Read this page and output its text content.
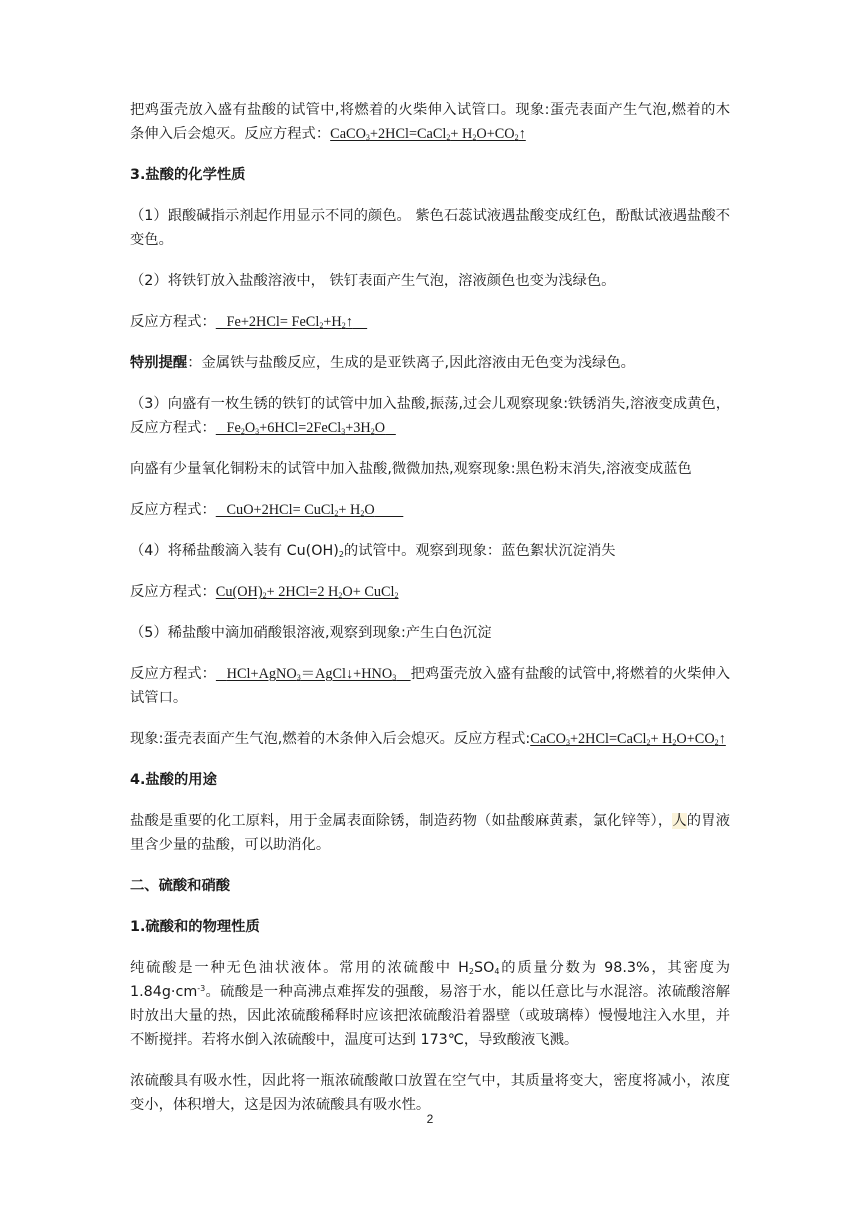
把鸡蛋壳放入盛有盐酸的试管中,将燃着的火柴伸入试管口。现象:蛋壳表面产生气泡,燃着的木条伸入后会熄灭。反应方程式：CaCO$_3$+2HCl=CaCl$_2$+ $H_2O+CO_2↑$

3.盐酸的化学性质

（1）跟酸碱指示剂起作用显示不同的颜色。 紫色石蕊试液遇盐酸变成红色，酚酞试液遇盐酸不变色。

（2）将铁钉放入盐酸溶液中， 铁钉表面产生气泡，溶液颜色也变为浅绿色。

反应方程式： $Fe+2HCl= FeCl_2+H_2↑$

特别提醒：金属铁与盐酸反应，生成的是亚铁离子,因此溶液由无色变为浅绿色。

（3）向盛有一枚生锈的铁钉的试管中加入盐酸,振荡,过会儿观察现象:铁锈消失,溶液变成黄色，反应方程式： $Fe_2O_3+6HCl=2FeCl_3+3H_2O$

向盛有少量氧化铜粉末的试管中加入盐酸,微微加热,观察现象:黑色粉末消失,溶液变成蓝色

反应方程式： CuO+2HCl= CuCl$_2$+ $H_2O$

（4）将稀盐酸滴入装有 $Cu(OH)_2$的试管中。观察到现象：蓝色絮状沉淀消失

反应方程式：$Cu(OH)_2+ 2HCl=2$ $H_2O+$ CuCl$_2$

（5）稀盐酸中滴加硝酸银溶液,观察到现象:产生白色沉淀

反应方程式： $HCl+AgNO_3=AgCl↓+HNO_3$ 把鸡蛋壳放入盛有盐酸的试管中,将燃着的火柴伸入试管口。

现象:蛋壳表面产生气泡,燃着的木条伸入后会熄灭。反应方程式:CaCO$_3$+2HCl=CaCl$_2$+ $H_2O+CO_2↑$

4.盐酸的用途

盐酸是重要的化工原料，用于金属表面除锈，制造药物（如盐酸麻黄素，氯化锌等），人的胃液里含少量的盐酸，可以助消化。

二、硫酸和硝酸
1.硫酸和的物理性质

纯硫酸是一种无色油状液体。常用的浓硫酸中 $H_2SO_4$的质量分数为 98.3%，其密度为 $1.84g\cdot cm^{-3}$。硫酸是一种高沸点难挥发的强酸，易溶于水，能以任意比与水混溶。浓硫酸溶解时放出大量的热，因此浓硫酸稀释时应该把浓硫酸沿着器壁（或玻璃棒）慢慢地注入水里，并不断搅拌。若将水倒入浓硫酸中，温度可达到 173℃，导致酸液飞溅。

浓硫酸具有吸水性，因此将一瓶浓硫酸敞口放置在空气中，其质量将变大，密度将减小，浓度变小，体积增大，这是因为浓硫酸具有吸水性。

2
